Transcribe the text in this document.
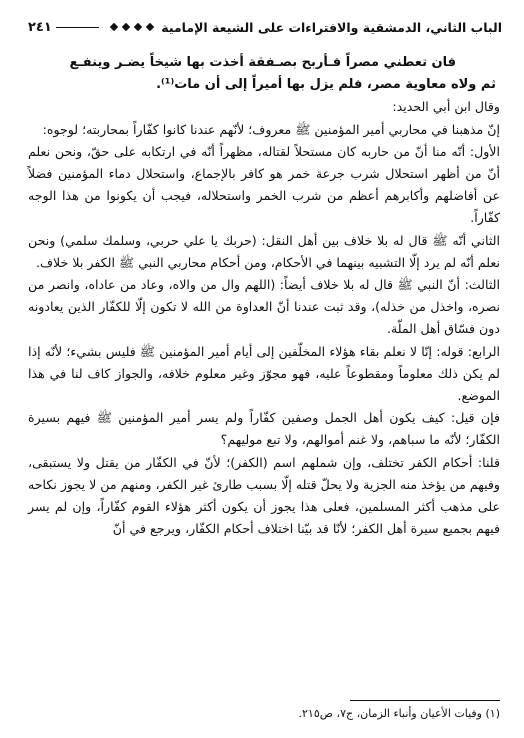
الباب الثاني، الدمشقية والافتراءات على الشيعة الإمامية
٢٤١

فان تعطني مصراً فـأربح بصـفقة أخذت بها شيخاً يضـر وينفـع

ثم ولاه معاوية مصر، فلم يزل بها أميراً إلى أن مات⁽¹⁾.

وقال ابن أبي الحديد:

إنّ مذهبنا في محاربي أمير المؤمنين ﷺ معروف؛ لأنّهم عندنا كانوا كفّاراً بمحاربته؛ لوجوه:

الأول: أنّه منا أنّ من حاربه كان مستحلاً لقتاله، مظهراً أنّه في ارتكابه على حقّ، ونحن نعلم أنّ من أظهر استحلال شرب جرعة خمر هو كافر بالإجماع، واستحلال دماء المؤمنين فضلاً عن أفاضلهم وأكابرهم أعظم من شرب الخمر واستحلاله، فيجب أن يكونوا من هذا الوجه كفّاراً.

الثاني أنّه ﷺ قال له بلا خلاف بين أهل النقل: (حربك يا علي حربي، وسلمك سلمي) ونحن نعلم أنّه لم يرد إلّا التشبيه بينهما في الأحكام، ومن أحكام محاربي النبي ﷺ الكفر بلا خلاف.

الثالث: أنّ النبي ﷺ قال له بلا خلاف أيضاً: (اللهم وال من والاه، وعاد من عاداه، وانصر من نصره، واخذل من خذله)، وقد ثبت عندنا أنّ العداوة من الله لا تكون إلّا للكفّار الذين يعادونه دون فسّاق أهل الملّة.

الرابع: قوله: إنّا لا نعلم بقاء هؤلاء المخلّفين إلى أيام أمير المؤمنين ﷺ فليس بشيء؛ لأنّه إذا لم يكن ذلك معلوماً ومقطوعاً عليه، فهو مجوّز وغير معلوم خلافه، والجواز كاف لنا في هذا الموضع.

فإن قيل: كيف يكون أهل الجمل وصفين كفّاراً ولم يسر أمير المؤمنين ﷺ فيهم بسيرة الكفّار؛ لأنّه ما سباهم، ولا غنم أموالهم، ولا تبع موليهم؟

قلنا: أحكام الكفر تختلف، وإن شملهم اسم (الكفر)؛ لأنّ في الكفّار من يقتل ولا يستبقى، وفيهم من يؤخذ منه الجزية ولا يحلّ قتله إلّا بسبب طارئ غير الكفر، ومنهم من لا يجوز نكاحه على مذهب أكثر المسلمين، فعلى هذا يجوز أن يكون أكثر هؤلاء القوم كفّاراً، وإن لم يسر فيهم بجميع سيرة أهل الكفر؛ لأنّا قد بيّنا اختلاف أحكام الكفّار، ويرجع في أنّ

(١) وفيات الأعيان وأنباء الزمان، ج٧، ص٢١٥.
